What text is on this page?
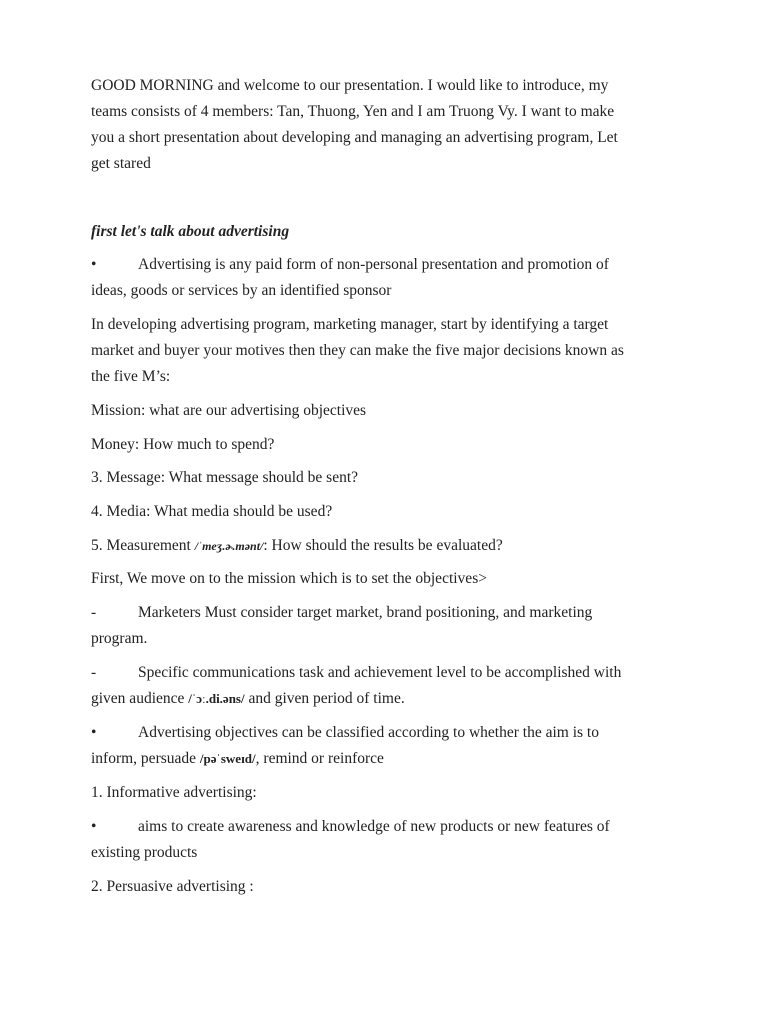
GOOD MORNING and welcome to our presentation. I would like to introduce, my
teams consists of 4 members: Tan, Thuong, Yen and I am Truong Vy. I want to make
you a short presentation about developing and managing an advertising program, Let
get stared
first let's talk about advertising
•	Advertising is any paid form of non-personal presentation and promotion of
ideas, goods or services by an identified sponsor
In developing advertising program, marketing manager, start by identifying a target
market and buyer your motives then they can make the five major decisions known as
the five M’s:
Mission: what are our advertising objectives
Money: How much to spend?
3. Message: What message should be sent?
4. Media: What media should be used?
5. Measurement /ˈmeʒ.ɚ.mənt/: How should the results be evaluated?
First, We move on to the mission which is to set the objectives>
-	Marketers Must consider target market, brand positioning, and marketing
program.
-	Specific communications task and achievement level to be accomplished with
given audience /ˈɔː.di.əns/ and given period of time.
•	Advertising objectives can be classified according to whether the aim is to
inform, persuade /pəˈsweɪd/, remind or reinforce
1. Informative advertising:
•	aims to create awareness and knowledge of new products or new features of
existing products
2. Persuasive advertising :
